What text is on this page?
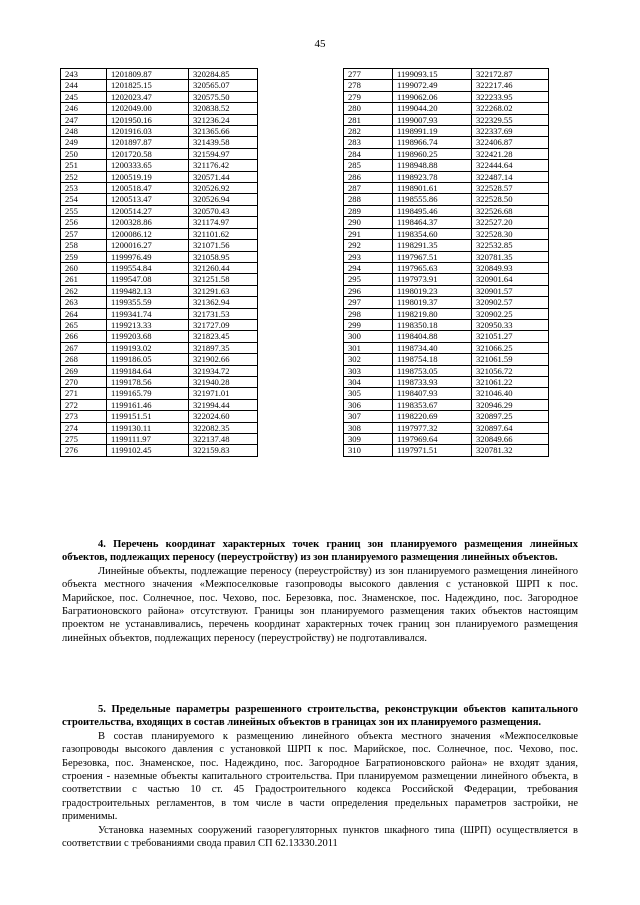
45
243	1201809.87	320284.85
244	1201825.15	320565.07
245	1202023.47	320575.50
246	1202049.00	320838.52
247	1201950.16	321236.24
248	1201916.03	321365.66
249	1201897.87	321439.58
250	1201720.58	321594.97
251	1200333.65	321176.42
252	1200519.19	320571.44
253	1200518.47	320526.92
254	1200513.47	320526.94
255	1200514.27	320570.43
256	1200328.86	321174.97
257	1200086.12	321101.62
258	1200016.27	321071.56
259	1199976.49	321058.95
260	1199554.84	321260.44
261	1199547.08	321251.58
262	1199482.13	321291.63
263	1199355.59	321362.94
264	1199341.74	321731.53
265	1199213.33	321727.09
266	1199203.68	321823.45
267	1199193.02	321897.35
268	1199186.05	321902.66
269	1199184.64	321934.72
270	1199178.56	321940.28
271	1199165.79	321971.01
272	1199161.46	321994.44
273	1199151.51	322024.60
274	1199130.11	322082.35
275	1199111.97	322137.48
276	1199102.45	322159.83
277	1199093.15	322172.87
278	1199072.49	322217.46
279	1199062.06	322233.95
280	1199044.20	322268.02
281	1199007.93	322329.55
282	1198991.19	322337.69
283	1198966.74	322406.87
284	1198960.25	322421.28
285	1198948.88	322444.64
286	1198923.78	322487.14
287	1198901.61	322528.57
288	1198555.86	322528.50
289	1198495.46	322526.68
290	1198464.37	322527.20
291	1198354.60	322528.30
292	1198291.35	322532.85
293	1197967.51	320781.35
294	1197965.63	320849.93
295	1197973.91	320901.64
296	1198019.23	320901.57
297	1198019.37	320902.57
298	1198219.80	320902.25
299	1198350.18	320950.33
300	1198404.88	321051.27
301	1198734.40	321066.25
302	1198754.18	321061.59
303	1198753.05	321056.72
304	1198733.93	321061.22
305	1198407.93	321046.40
306	1198353.67	320946.29
307	1198220.69	320897.25
308	1197977.32	320897.64
309	1197969.64	320849.66
310	1197971.51	320781.32
4. Перечень координат характерных точек границ зон планируемого размещения линейных объектов, подлежащих переносу (переустройству) из зон планируемого размещения линейных объектов.
Линейные объекты, подлежащие переносу (переустройству) из зон планируемого размещения линейного объекта местного значения «Межпоселковые газопроводы высокого давления с установкой ШРП к пос. Марийское, пос. Солнечное, пос. Чехово, пос. Березовка, пос. Знаменское, пос. Надеждино, пос. Загородное Багратионовского района» отсутствуют. Границы зон планируемого размещения таких объектов настоящим проектом не устанавливались, перечень координат характерных точек границ зон планируемого размещения линейных объектов, подлежащих переносу (переустройству) не подготавливался.
5. Предельные параметры разрешенного строительства, реконструкции объектов капитального строительства, входящих в состав линейных объектов в границах зон их планируемого размещения.
В состав планируемого к размещению линейного объекта местного значения «Межпоселковые газопроводы высокого давления с установкой ШРП к пос. Марийское, пос. Солнечное, пос. Чехово, пос. Березовка, пос. Знаменское, пос. Надеждино, пос. Загородное Багратионовского района» не входят здания, строения - наземные объекты капитального строительства. При планируемом размещении линейного объекта, в соответствии с частью 10 ст. 45 Градостроительного кодекса Российской Федерации, требования градостроительных регламентов, в том числе в части определения предельных параметров застройки, не применимы.
Установка наземных сооружений газорегуляторных пунктов шкафного типа (ШРП) осуществляется в соответствии с требованиями свода правил СП 62.13330.2011
